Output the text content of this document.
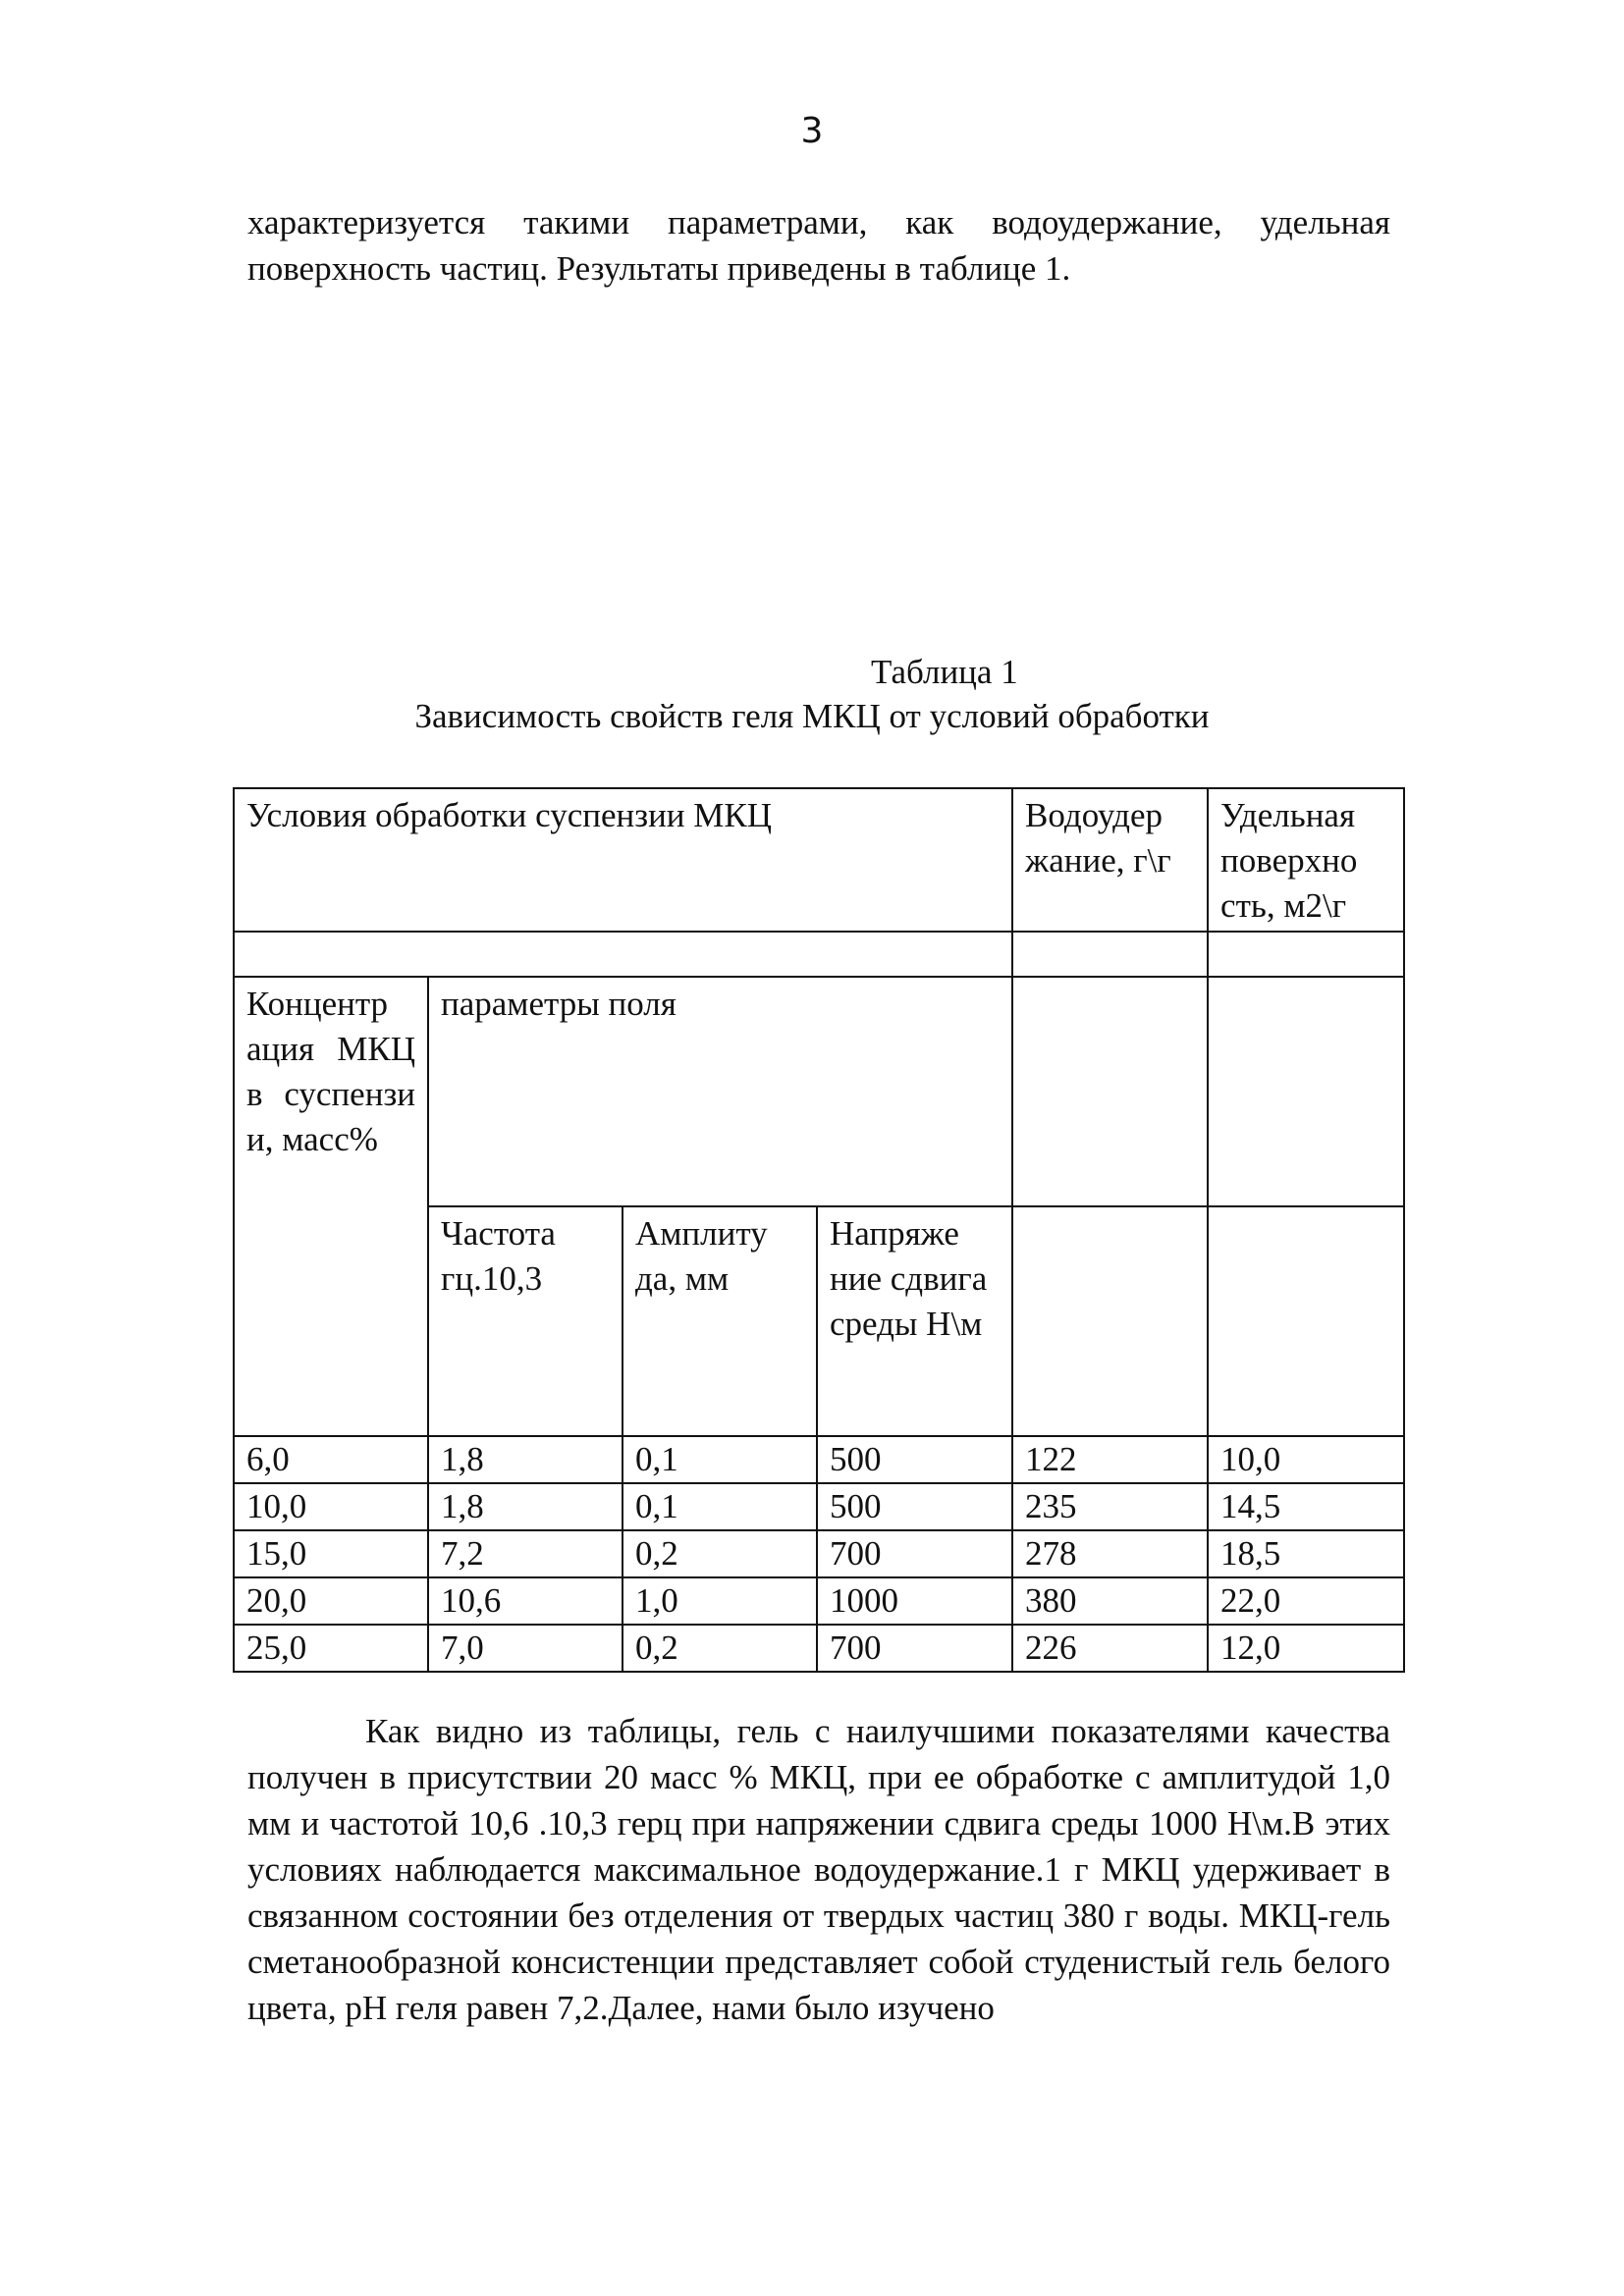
3

характеризуется такими параметрами, как водоудержание, удельная поверхность частиц. Результаты приведены в таблице 1.

Таблица 1
Зависимость свойств геля МКЦ от условий обработки
Условия обработки суспензии МКЦ				Водоудер жание, г\г	Удельная поверхно сть, м2\г

Концентр ация МКЦ в суспензи и, масс%	параметры поля				
	Частота гц.10,3	Амплиту да, мм	Напряже ние сдвига среды Н\м		
6,0	1,8	0,1	500	122	10,0
10,0	1,8	0,1	500	235	14,5
15,0	7,2	0,2	700	278	18,5
20,0	10,6	1,0	1000	380	22,0
25,0	7,0	0,2	700	226	12,0

Как видно из таблицы, гель с наилучшими показателями качества получен в присутствии 20 масс % МКЦ, при ее обработке с амплитудой 1,0 мм и частотой 10,6 .10,3 герц при напряжении сдвига среды 1000 Н\м.В этих условиях наблюдается максимальное водоудержание.1 г МКЦ удерживает в связанном состоянии без отделения от твердых частиц 380 г воды. МКЦ-гель сметанообразной консистенции представляет собой студенистый гель белого цвета, рН геля равен 7,2.Далее, нами было изучено
